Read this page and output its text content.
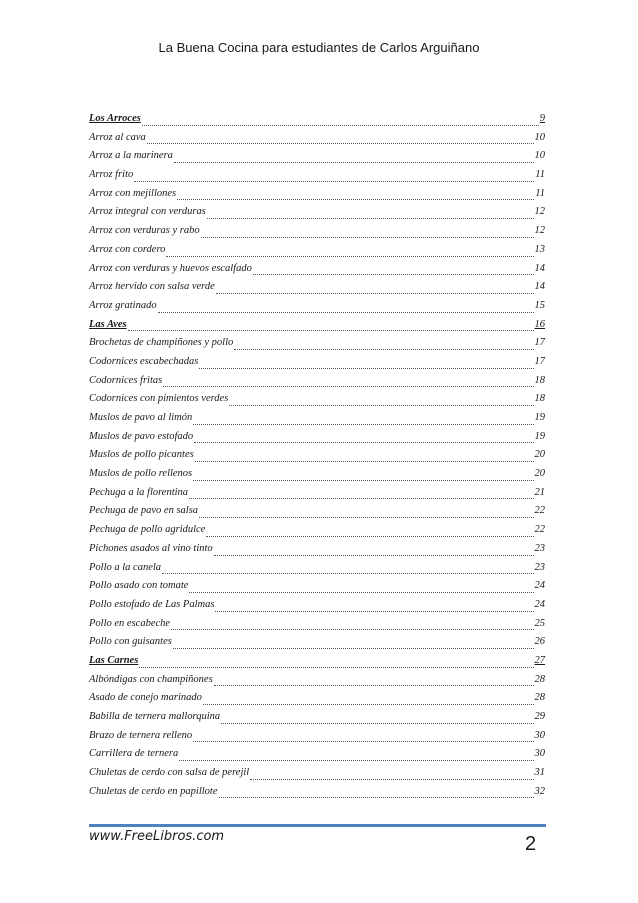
La Buena Cocina para estudiantes de Carlos Arguiñano
Los Arroces	9
Arroz al cava	10
Arroz a la marinera	10
Arroz frito	11
Arroz con mejillones	11
Arroz integral con verduras	12
Arroz con verduras y rabo	12
Arroz con cordero	13
Arroz con verduras y huevos escalfado	14
Arroz hervido con salsa verde	14
Arroz gratinado	15
Las Aves	16
Brochetas de champiñones y pollo	17
Codornices escabechadas	17
Codornices fritas	18
Codornices con pimientos verdes	18
Muslos de pavo al limón	19
Muslos de pavo estofado	19
Muslos de pollo picantes	20
Muslos de pollo rellenos	20
Pechuga a la florentina	21
Pechuga de pavo en salsa	22
Pechuga de pollo agridulce	22
Pichones asados al vino tinto	23
Pollo a la canela	23
Pollo asado con tomate	24
Pollo estofado de Las Palmas	24
Pollo en escabeche	25
Pollo con guisantes	26
Las Carnes	27
Albóndigas con champiñones	28
Asado de conejo marinado	28
Babilla de ternera mallorquina	29
Brazo de ternera relleno	30
Carrillera de ternera	30
Chuletas de cerdo con salsa de perejil	31
Chuletas de cerdo en papillote	32
www.FreeLibros.com	2
